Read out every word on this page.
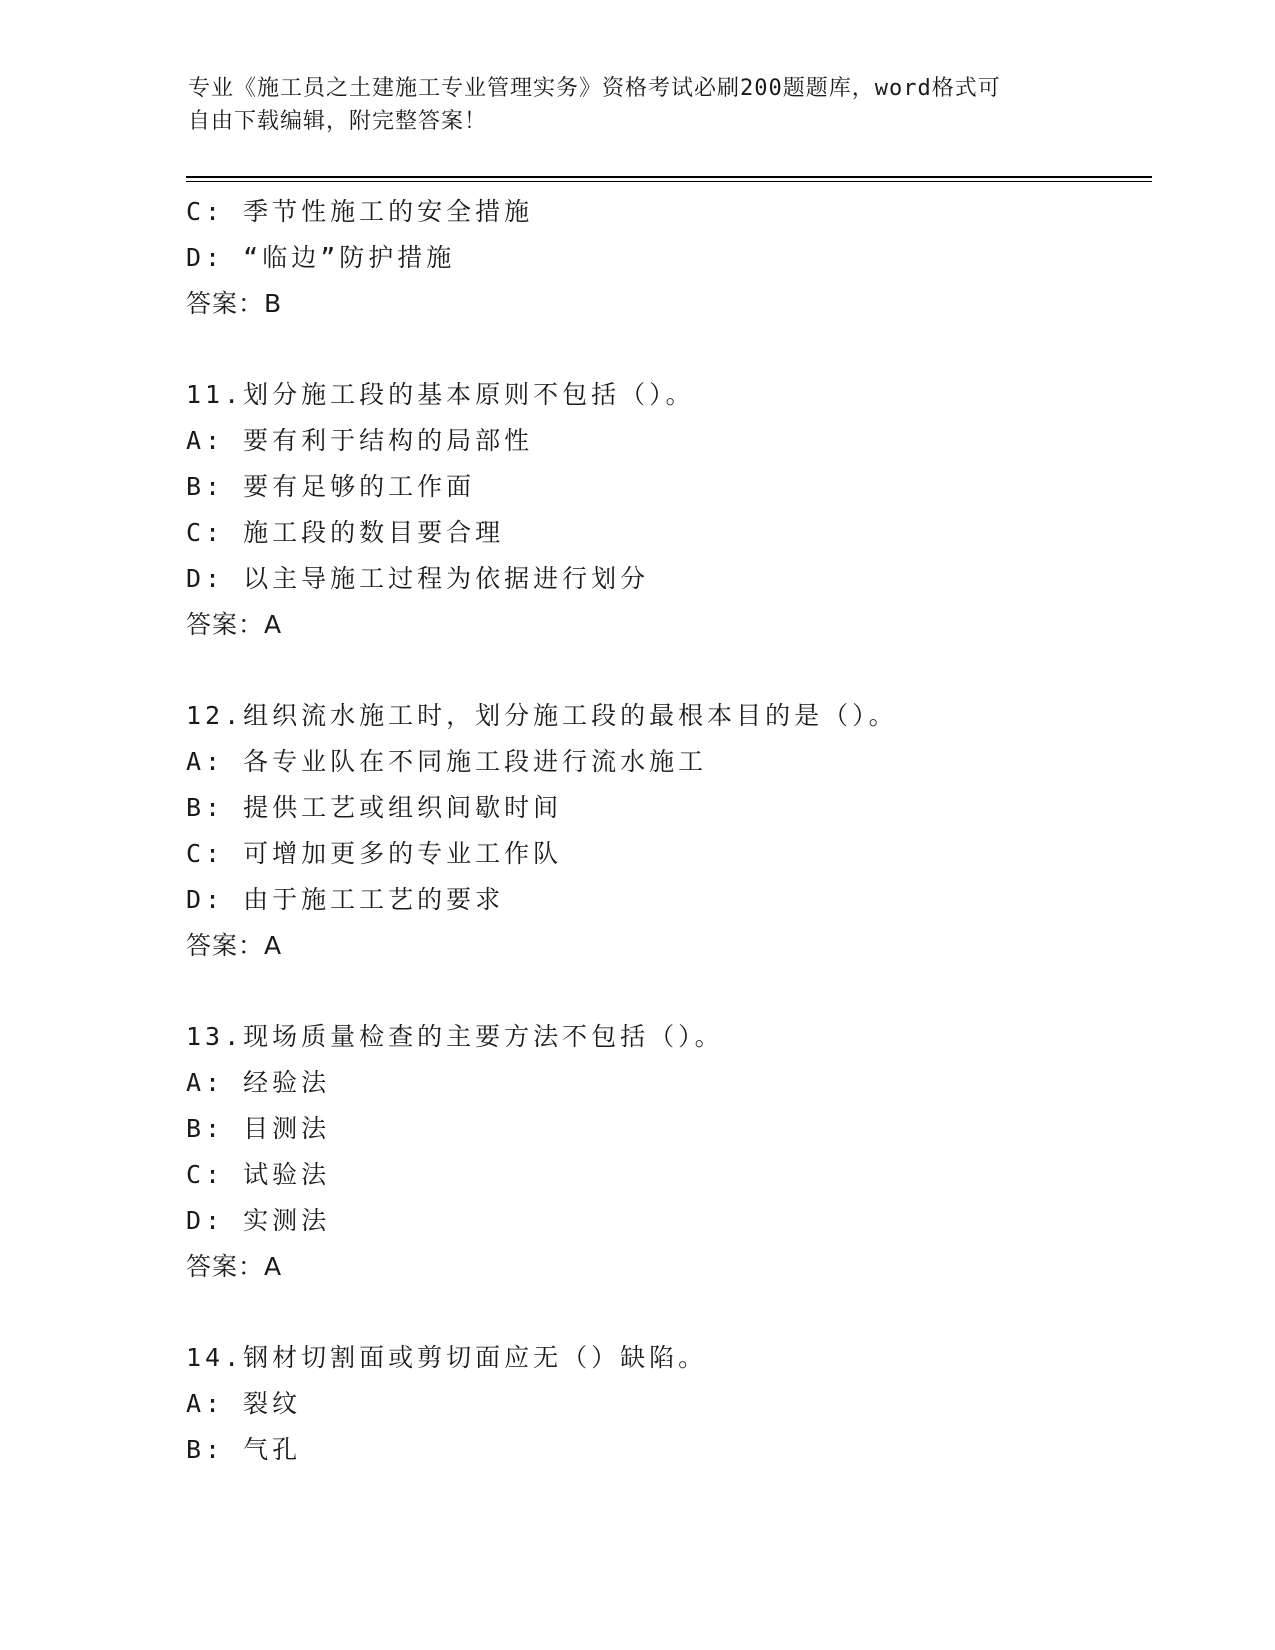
专业《施工员之土建施工专业管理实务》资格考试必刷200题题库，word格式可
自由下载编辑，附完整答案！
C: 季节性施工的安全措施
D: “临边”防护措施
答案：B
11.划分施工段的基本原则不包括（）。
A: 要有利于结构的局部性
B: 要有足够的工作面
C: 施工段的数目要合理
D: 以主导施工过程为依据进行划分
答案：A
12.组织流水施工时，划分施工段的最根本目的是（）。
A: 各专业队在不同施工段进行流水施工
B: 提供工艺或组织间歇时间
C: 可增加更多的专业工作队
D: 由于施工工艺的要求
答案：A
13.现场质量检查的主要方法不包括（）。
A: 经验法
B: 目测法
C: 试验法
D: 实测法
答案：A
14.钢材切割面或剪切面应无（）缺陷。
A: 裂纹
B: 气孔
